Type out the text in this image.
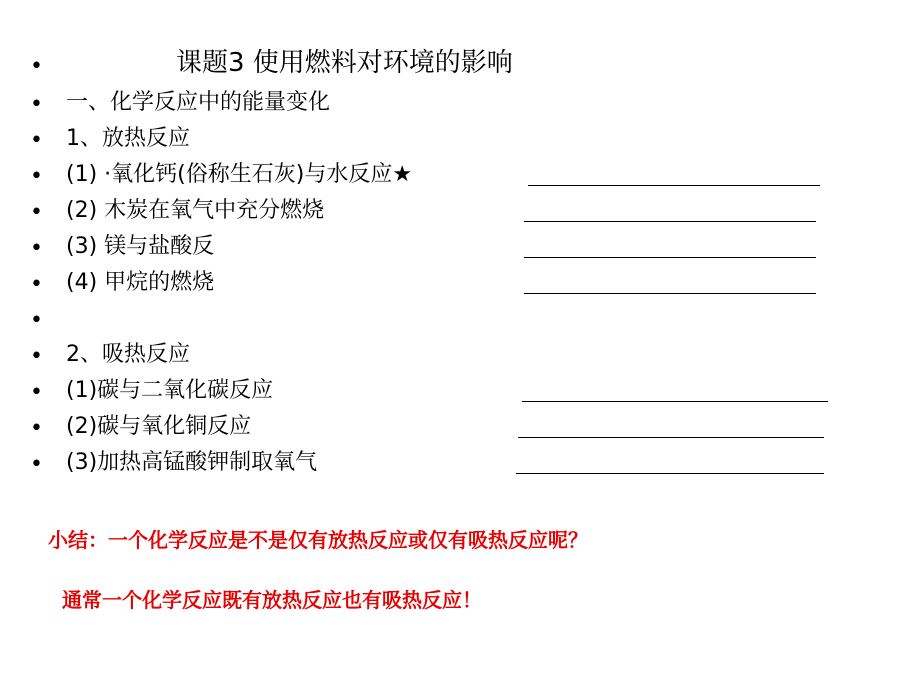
•	课题3 使用燃料对环境的影响
• 一、化学反应中的能量变化
• 1、放热反应
• (1) ·氧化钙(俗称生石灰)与水反应★
• (2) 木炭在氧气中充分燃烧
• (3) 镁与盐酸反
• (4) 甲烷的燃烧
•
• 2、吸热反应
• (1)碳与二氧化碳反应
• (2)碳与氧化铜反应
• (3)加热高锰酸钾制取氧气
小结：一个化学反应是不是仅有放热反应或仅有吸热反应呢？
通常一个化学反应既有放热反应也有吸热反应！
